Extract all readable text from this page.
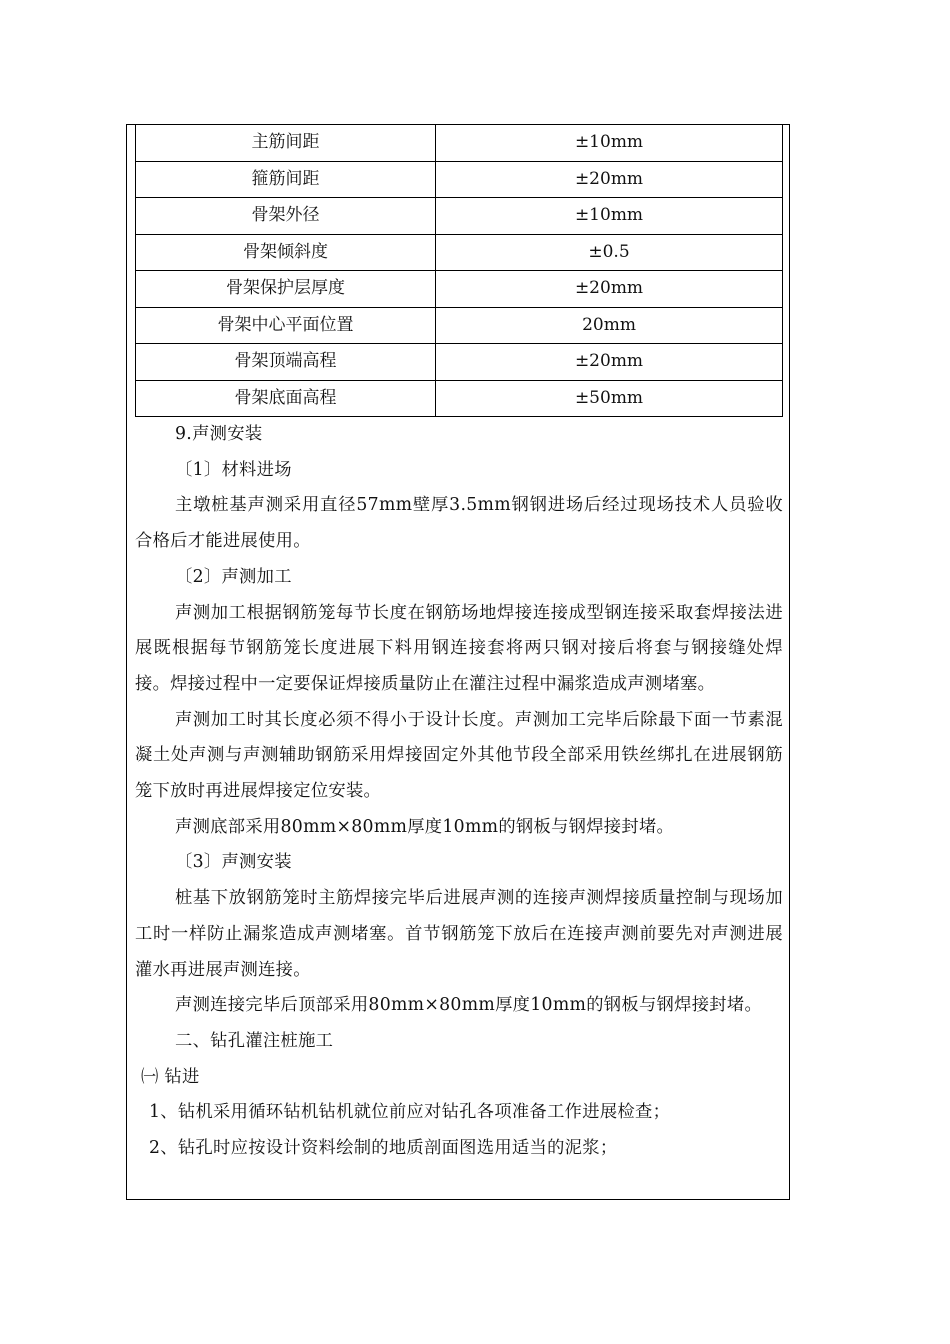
主筋间距	±10mm
箍筋间距	±20mm
骨架外径	±10mm
骨架倾斜度	±0.5
骨架保护层厚度	±20mm
骨架中心平面位置	20mm
骨架顶端高程	±20mm
骨架底面高程	±50mm

9.声测安装

〔1〕材料进场

主墩桩基声测采用直径57mm壁厚3.5mm钢钢进场后经过现场技术人员验收合格后才能进展使用。

〔2〕声测加工

声测加工根据钢筋笼每节长度在钢筋场地焊接连接成型钢连接采取套焊接法进展既根据每节钢筋笼长度进展下料用钢连接套将两只钢对接后将套与钢接缝处焊接。焊接过程中一定要保证焊接质量防止在灌注过程中漏浆造成声测堵塞。

声测加工时其长度必须不得小于设计长度。声测加工完毕后除最下面一节素混凝土处声测与声测辅助钢筋采用焊接固定外其他节段全部采用铁丝绑扎在进展钢筋笼下放时再进展焊接定位安装。

声测底部采用80mm×80mm厚度10mm的钢板与钢焊接封堵。

〔3〕声测安装

桩基下放钢筋笼时主筋焊接完毕后进展声测的连接声测焊接质量控制与现场加工时一样防止漏浆造成声测堵塞。首节钢筋笼下放后在连接声测前要先对声测进展灌水再进展声测连接。

声测连接完毕后顶部采用80mm×80mm厚度10mm的钢板与钢焊接封堵。

二、钻孔灌注桩施工

㈠ 钻进

1、钻机采用循环钻机钻机就位前应对钻孔各项准备工作进展检查；

2、钻孔时应按设计资料绘制的地质剖面图选用适当的泥浆；
